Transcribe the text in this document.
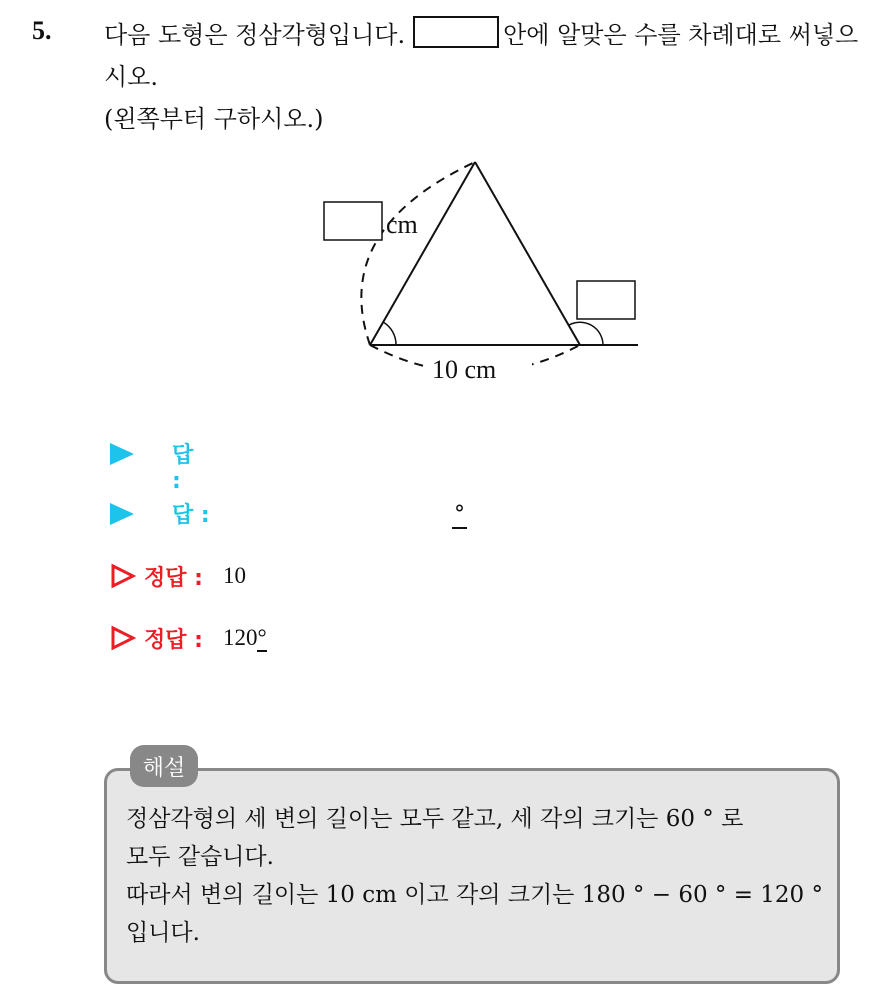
5. 다음 도형은 정삼각형입니다.	안에 알맞은 수를 차례대로 써넣으시오.
(왼쪽부터 구하시오.)
cm
10 cm
답 :
답 :	°
정답 : 10
정답 : 120°
해설
정삼각형의 세 변의 길이는 모두 같고, 세 각의 크기는 60 ° 로
모두 같습니다.
따라서 변의 길이는 10 cm 이고 각의 크기는 180 ° − 60 ° = 120 °
입니다.
